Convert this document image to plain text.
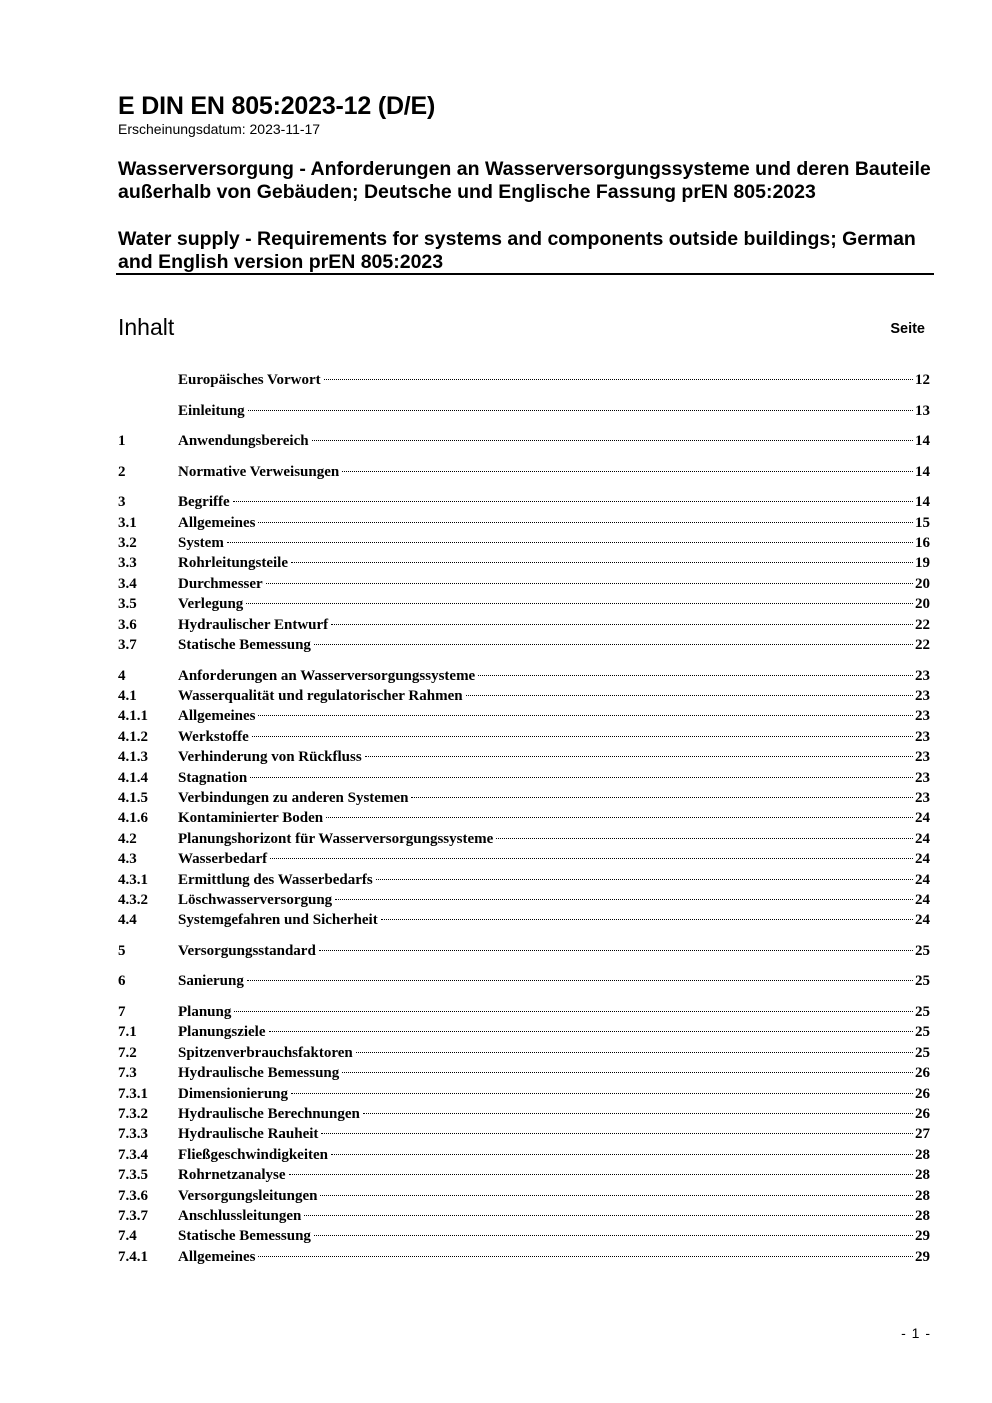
E DIN EN 805:2023-12 (D/E)
Erscheinungsdatum: 2023-11-17
Wasserversorgung - Anforderungen an Wasserversorgungssysteme und deren Bauteile außerhalb von Gebäuden; Deutsche und Englische Fassung prEN 805:2023
Water supply - Requirements for systems and components outside buildings; German and English version prEN 805:2023
Inhalt	Seite
Europäisches Vorwort	12
Einleitung	13
1	Anwendungsbereich	14
2	Normative Verweisungen	14
3	Begriffe	14
3.1	Allgemeines	15
3.2	System	16
3.3	Rohrleitungsteile	19
3.4	Durchmesser	20
3.5	Verlegung	20
3.6	Hydraulischer Entwurf	22
3.7	Statische Bemessung	22
4	Anforderungen an Wasserversorgungssysteme	23
4.1	Wasserqualität und regulatorischer Rahmen	23
4.1.1	Allgemeines	23
4.1.2	Werkstoffe	23
4.1.3	Verhinderung von Rückfluss	23
4.1.4	Stagnation	23
4.1.5	Verbindungen zu anderen Systemen	23
4.1.6	Kontaminierter Boden	24
4.2	Planungshorizont für Wasserversorgungssysteme	24
4.3	Wasserbedarf	24
4.3.1	Ermittlung des Wasserbedarfs	24
4.3.2	Löschwasserversorgung	24
4.4	Systemgefahren und Sicherheit	24
5	Versorgungsstandard	25
6	Sanierung	25
7	Planung	25
7.1	Planungsziele	25
7.2	Spitzenverbrauchsfaktoren	25
7.3	Hydraulische Bemessung	26
7.3.1	Dimensionierung	26
7.3.2	Hydraulische Berechnungen	26
7.3.3	Hydraulische Rauheit	27
7.3.4	Fließgeschwindigkeiten	28
7.3.5	Rohrnetzanalyse	28
7.3.6	Versorgungsleitungen	28
7.3.7	Anschlussleitungen	28
7.4	Statische Bemessung	29
7.4.1	Allgemeines	29
- 1 -
